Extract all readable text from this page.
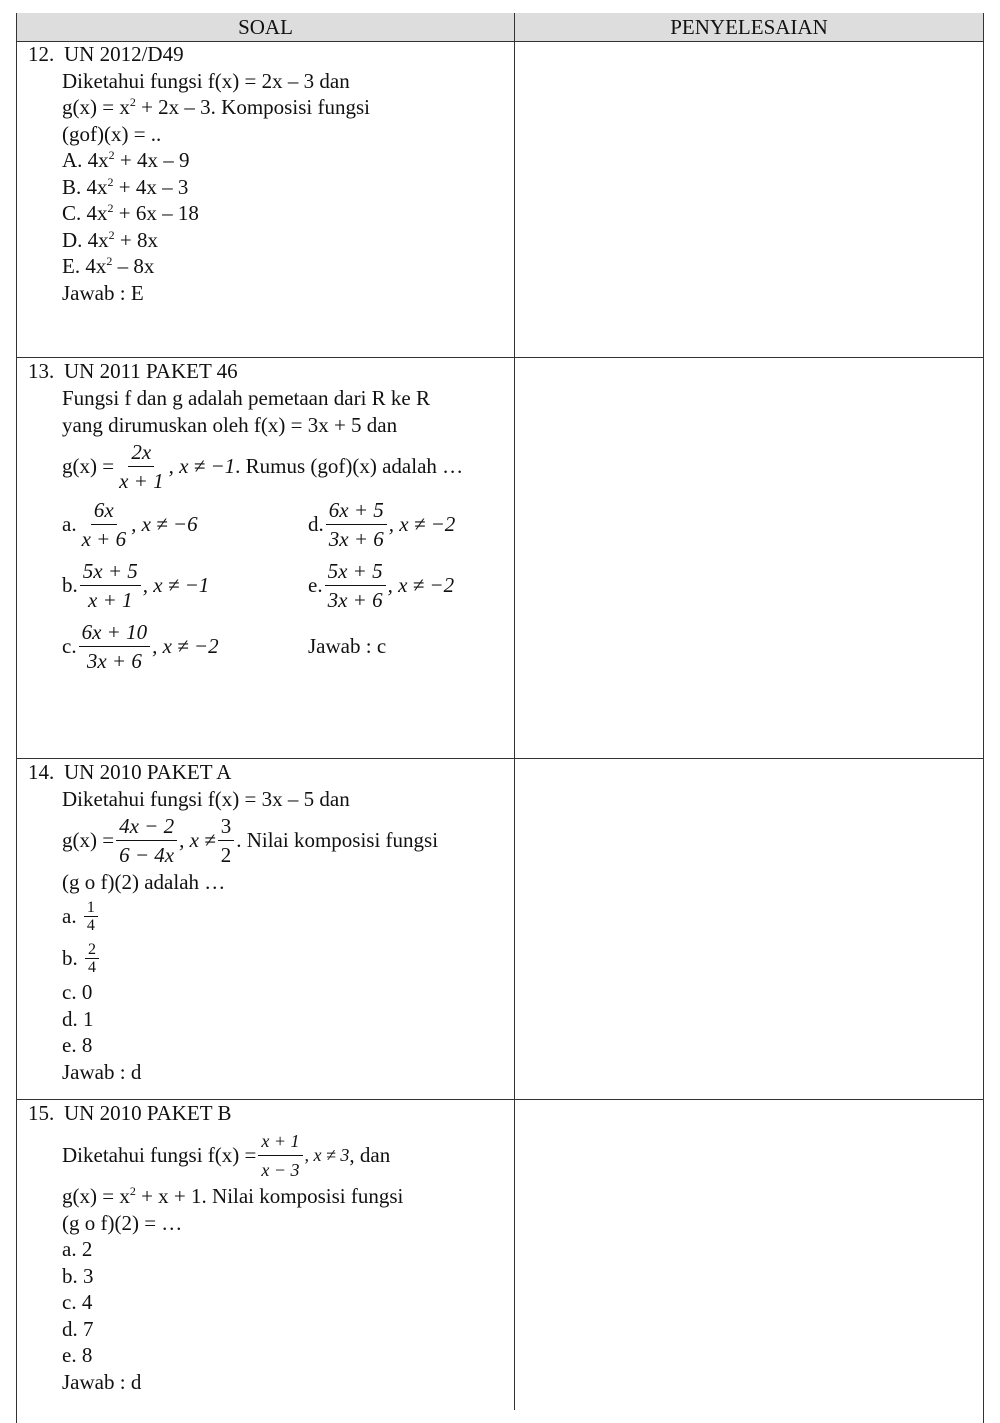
SOAL	PENYELESAIAN
12. UN 2012/D49
Diketahui fungsi f(x) = 2x – 3 dan
$g(x) = x^2 + 2x - 3$. Komposisi fungsi
(gof)(x) = ..
A. $4x^2 + 4x - 9$
B. $4x^2 + 4x - 3$
C. $4x^2 + 6x - 18$
D. $4x^2 + 8x$
E. $4x^2 - 8x$
Jawab : E
13. UN 2011 PAKET 46
Fungsi f dan g adalah pemetaan dari R ke R
yang dirumuskan oleh f(x) = 3x + 5 dan
$g(x) = \frac{2x}{x + 1}$ , x ≠ −1 . Rumus (gof)(x) adalah …
a. $\frac{6x}{x + 6}$ , x ≠ −6	d. $\frac{6x + 5}{3x + 6}$ , x ≠ −2
b. $\frac{5x + 5}{x + 1}$ , x ≠ −1	e. $\frac{5x + 5}{3x + 6}$ , x ≠ −2
c. $\frac{6x + 10}{3x + 6}$ , x ≠ −2	Jawab : c
14. UN 2010 PAKET A
Diketahui fungsi f(x) = 3x – 5 dan
$g(x) = \frac{4x - 2}{6 - 4x}$ , $x \ne \frac{3}{2}$ . Nilai komposisi fungsi
(g o f)(2) adalah …
a.
$\frac{1}{4}$
b.
$\frac{2}{4}$
c. 0
d. 1
e. 8
Jawab : d
15. UN 2010 PAKET B
Diketahui fungsi $f(x) = \frac{x + 1}{x - 3}$ , x ≠ 3 , dan
$g(x) = x^2 + x + 1$. Nilai komposisi fungsi
(g o f)(2) = …
a. 2
b. 3
c. 4
d. 7
e. 8
Jawab : d
